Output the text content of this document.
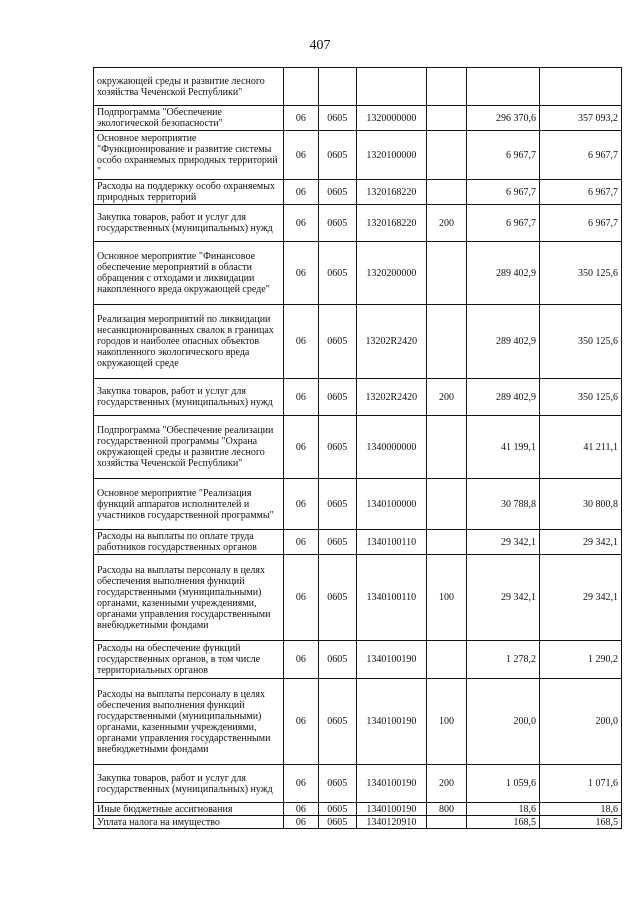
407
окружающей среды и развитие лесного хозяйства Чеченской Республики"						
Подпрограмма "Обеспечение экологической безопасности"	06	0605	1320000000		296 370,6	357 093,2
Основное мероприятие "Функционирование и развитие системы особо охраняемых природных территорий "	06	0605	1320100000		6 967,7	6 967,7
Расходы на поддержку особо охраняемых природных территорий	06	0605	1320168220		6 967,7	6 967,7
Закупка товаров, работ и услуг для государственных (муниципальных) нужд	06	0605	1320168220	200	6 967,7	6 967,7
Основное мероприятие "Финансовое обеспечение мероприятий в области обращения с отходами и ликвидации накопленного вреда окружающей среде"	06	0605	1320200000		289 402,9	350 125,6
Реализация мероприятий по ликвидации несанкционированных свалок в границах городов и наиболее опасных объектов накопленного экологического вреда окружающей среде	06	0605	13202R2420		289 402,9	350 125,6
Закупка товаров, работ и услуг для государственных (муниципальных) нужд	06	0605	13202R2420	200	289 402,9	350 125,6
Подпрограмма "Обеспечение реализации государственной программы "Охрана окружающей среды и развитие лесного хозяйства Чеченской Республики"	06	0605	1340000000		41 199,1	41 211,1
Основное мероприятие "Реализация функций аппаратов исполнителей и участников государственной программы"	06	0605	1340100000		30 788,8	30 800,8
Расходы на выплаты по оплате труда работников государственных органов	06	0605	1340100110		29 342,1	29 342,1
Расходы на выплаты персоналу в целях обеспечения выполнения функций государственными (муниципальными) органами, казенными учреждениями, органами управления государственными внебюджетными фондами	06	0605	1340100110	100	29 342,1	29 342,1
Расходы на обеспечение функций государственных органов, в том числе территориальных органов	06	0605	1340100190		1 278,2	1 290,2
Расходы на выплаты персоналу в целях обеспечения выполнения функций государственными (муниципальными) органами, казенными учреждениями, органами управления государственными внебюджетными фондами	06	0605	1340100190	100	200,0	200,0
Закупка товаров, работ и услуг для государственных (муниципальных) нужд	06	0605	1340100190	200	1 059,6	1 071,6
Иные бюджетные ассигнования	06	0605	1340100190	800	18,6	18,6
Уплата налога на имущество	06	0605	1340120910		168,5	168,5
